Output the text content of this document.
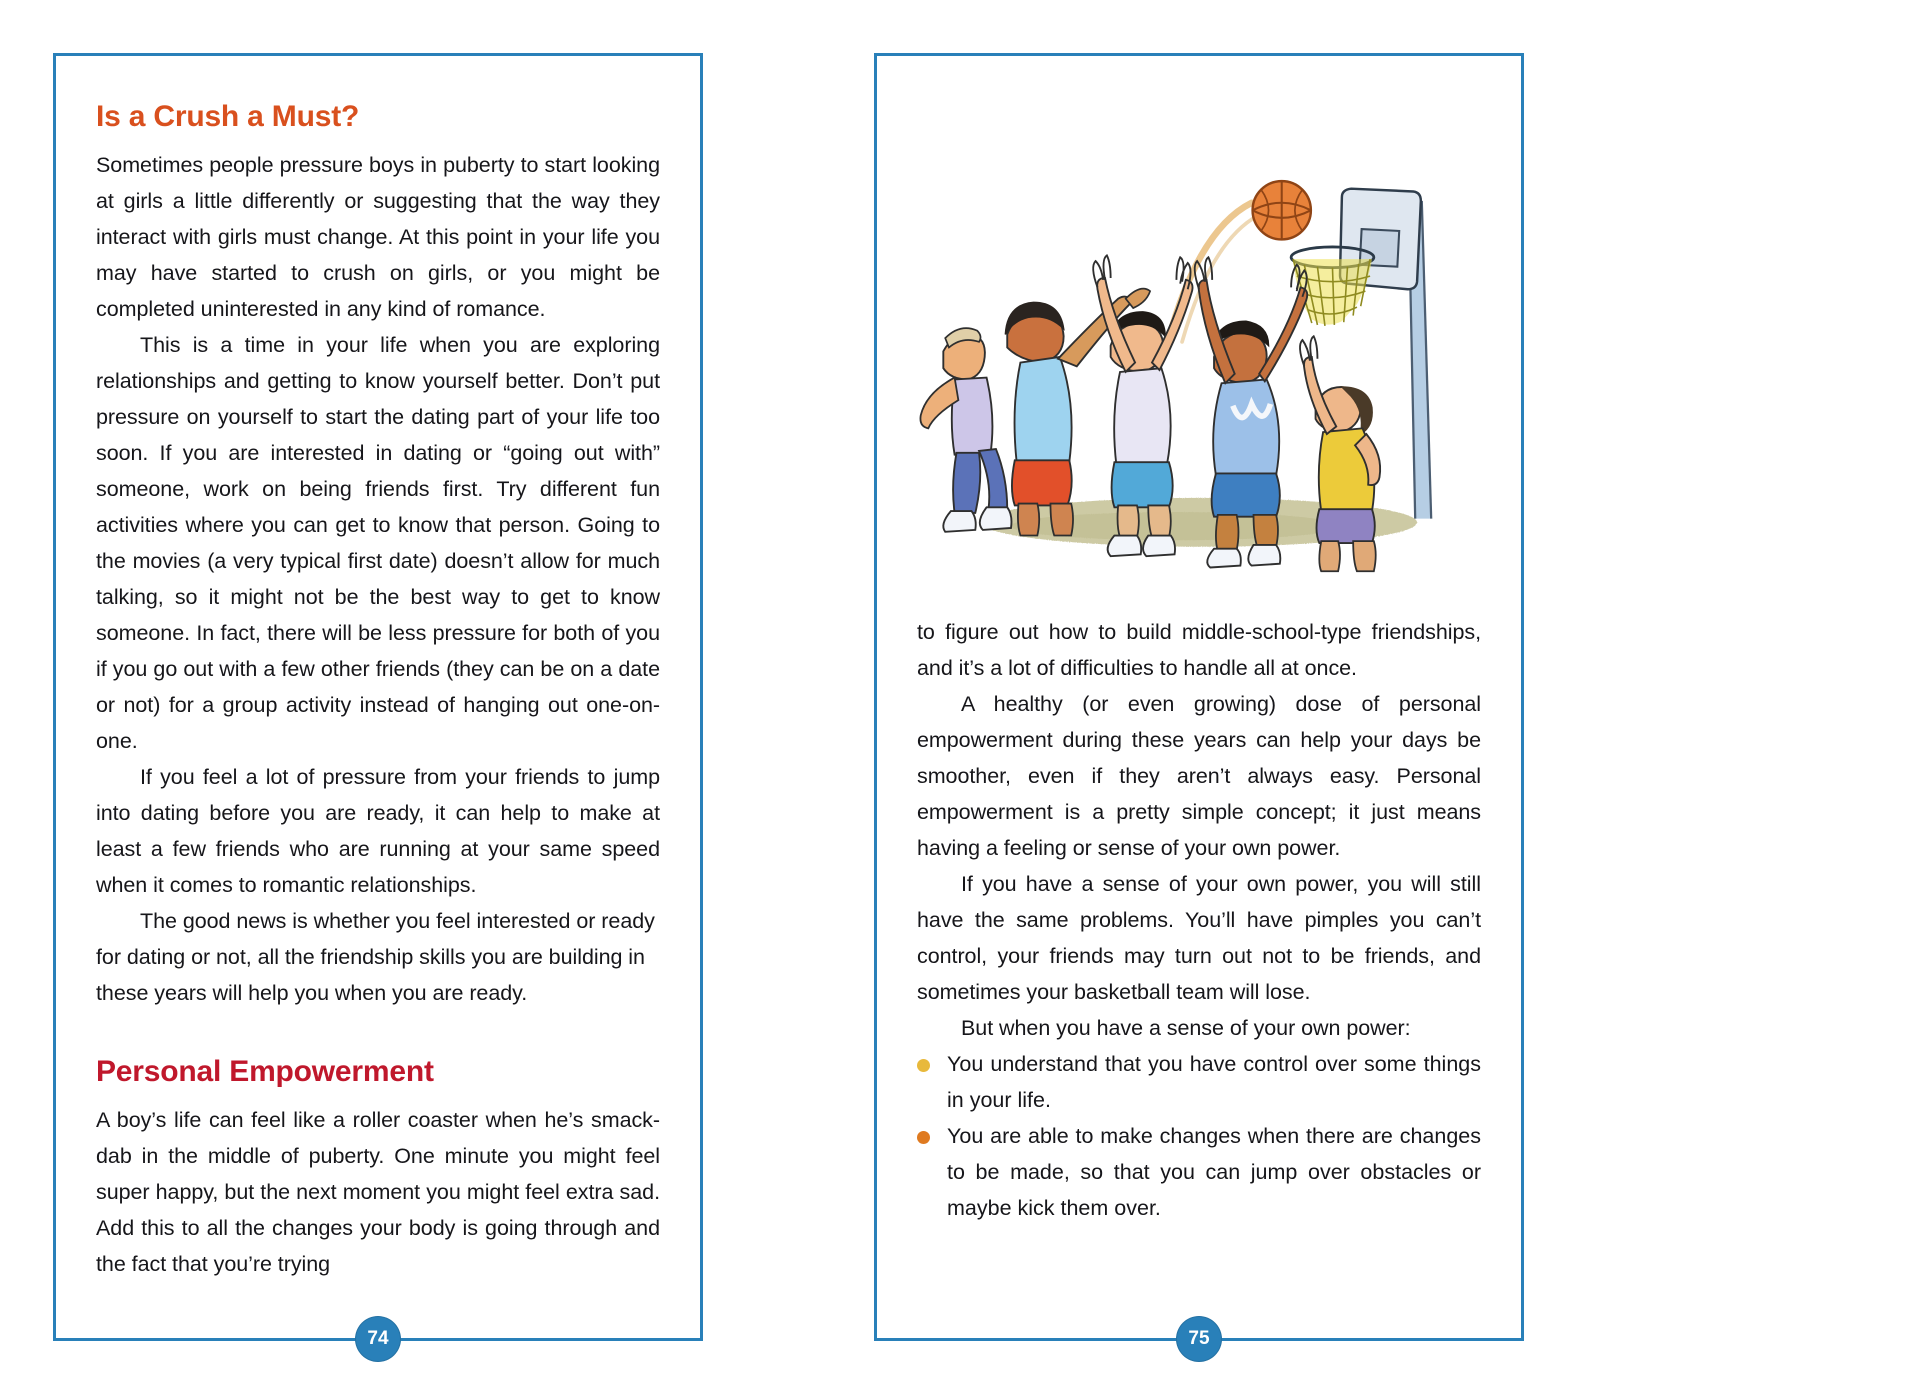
Is a Crush a Must?

Sometimes people pressure boys in puberty to start looking at girls a little differently or suggesting that the way they interact with girls must change. At this point in your life you may have started to crush on girls, or you might be completed uninterested in any kind of romance.

This is a time in your life when you are exploring relationships and getting to know yourself better. Don’t put pressure on yourself to start the dating part of your life too soon. If you are interested in dating or “going out with” someone, work on being friends first. Try different fun activities where you can get to know that person. Going to the movies (a very typical first date) doesn’t allow for much talking, so it might not be the best way to get to know someone. In fact, there will be less pressure for both of you if you go out with a few other friends (they can be on a date or not) for a group activity instead of hanging out one-on-one.

If you feel a lot of pressure from your friends to jump into dating before you are ready, it can help to make at least a few friends who are running at your same speed when it comes to romantic relationships.

The good news is whether you feel interested or ready for dating or not, all the friendship skills you are building in these years will help you when you are ready.

Personal Empowerment

A boy’s life can feel like a roller coaster when he’s smack-dab in the middle of puberty. One minute you might feel super happy, but the next moment you might feel extra sad. Add this to all the changes your body is going through and the fact that you’re trying

74

to figure out how to build middle-school-type friendships, and it’s a lot of difficulties to handle all at once.

A healthy (or even growing) dose of personal empowerment during these years can help your days be smoother, even if they aren’t always easy. Personal empowerment is a pretty simple concept; it just means having a feeling or sense of your own power.

If you have a sense of your own power, you will still have the same problems. You’ll have pimples you can’t control, your friends may turn out not to be friends, and sometimes your basketball team will lose.

But when you have a sense of your own power:

You understand that you have control over some things in your life.
You are able to make changes when there are changes to be made, so that you can jump over obstacles or maybe kick them over.
75
